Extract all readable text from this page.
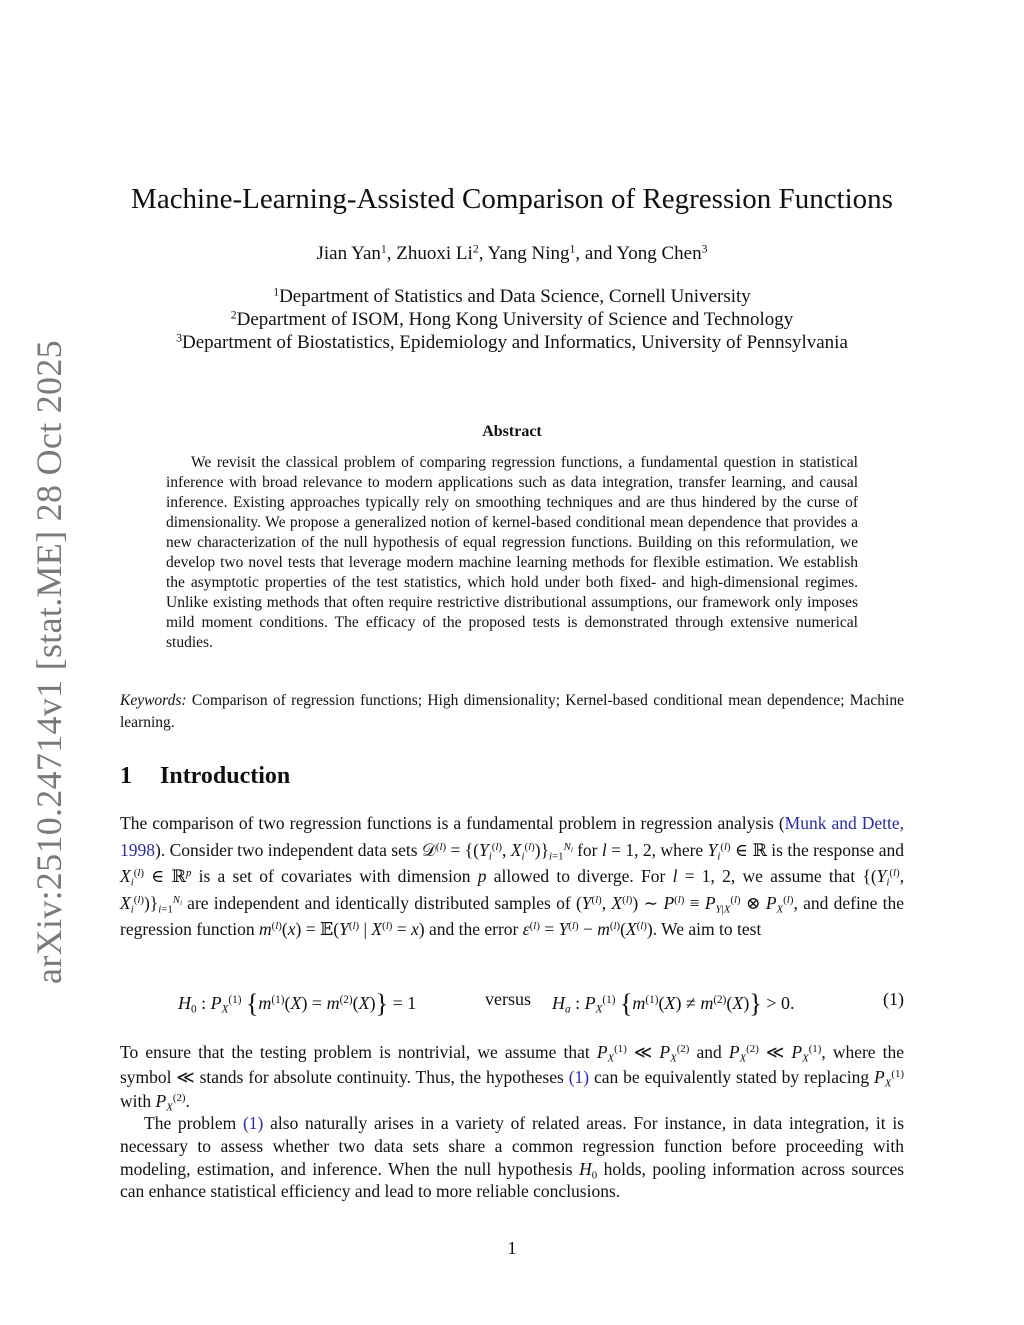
arXiv:2510.24714v1 [stat.ME] 28 Oct 2025
Machine-Learning-Assisted Comparison of Regression Functions
Jian Yan$^1$, Zhuoxi Li$^2$, Yang Ning$^1$, and Yong Chen$^3$
$^1$Department of Statistics and Data Science, Cornell University
$^2$Department of ISOM, Hong Kong University of Science and Technology
$^3$Department of Biostatistics, Epidemiology and Informatics, University of Pennsylvania
Abstract

We revisit the classical problem of comparing regression functions, a fundamental question in statistical inference with broad relevance to modern applications such as data integration, transfer learning, and causal inference. Existing approaches typically rely on smoothing techniques and are thus hindered by the curse of dimensionality. We propose a generalized notion of kernel-based conditional mean dependence that provides a new characterization of the null hypothesis of equal regression functions. Building on this reformulation, we develop two novel tests that leverage modern machine learning methods for flexible estimation. We establish the asymptotic properties of the test statistics, which hold under both fixed- and high-dimensional regimes. Unlike existing methods that often require restrictive distributional assumptions, our framework only imposes mild moment conditions. The efficacy of the proposed tests is demonstrated through extensive numerical studies.

Keywords: Comparison of regression functions; High dimensionality; Kernel-based conditional mean dependence; Machine learning.

1 Introduction

The comparison of two regression functions is a fundamental problem in regression analysis (Munk and Dette, 1998). Consider two independent data sets 𝒟$^{(l)}$ = {($Y_i^{(l)}$, $X_i^{(l)})\}_{i=1}^{N_l}$ for l = 1, 2, where $Y_i^{(l)}$ ∈ ℝ is the response and $X_i^{(l)}$ ∈ ℝ$^p$ is a set of covariates with dimension p allowed to diverge. For l = 1, 2, we assume that {($Y_i^{(l)}$, $X_i^{(l)})\}_{i=1}^{N_l}$ are independent and identically distributed samples of ($Y^{(l)}$, $X^{(l)}$) ∼ $P^{(l)} \equiv P_{Y|X}^{(l)}$ ⊗ $P_X^{(l)}$, and define the regression function $m^{(l)}(x)$ = $𝔼(Y^{(l)}$ | $X^{(l)} = x$) and the error $\varepsilon^{(l)} = Y^{(l)} - m^{(l)}(X^{(l)})$. We aim to test

$H_0$ : $P_X^{(1)}$ $\{m^{(1)}(X) = m^{(2)}(X)\} = 1$	versus $H_a$ : $P_X^{(1)}$ $\{m^{(1)}(X) \ne m^{(2)}(X)\} > 0$.	(1)

To ensure that the testing problem is nontrivial, we assume that $P_X^{(1)}$ ≪ $P_X^{(2)}$ and $P_X^{(2)}$ ≪ $P_X^{(1)}$, where the symbol ≪ stands for absolute continuity. Thus, the hypotheses (1) can be equivalently stated by replacing $P_X^{(1)}$ with $P_X^{(2)}$.

The problem (1) also naturally arises in a variety of related areas. For instance, in data integration, it is necessary to assess whether two data sets share a common regression function before proceeding with modeling, estimation, and inference. When the null hypothesis $H_0$ holds, pooling information across sources can enhance statistical efficiency and lead to more reliable conclusions.

1
